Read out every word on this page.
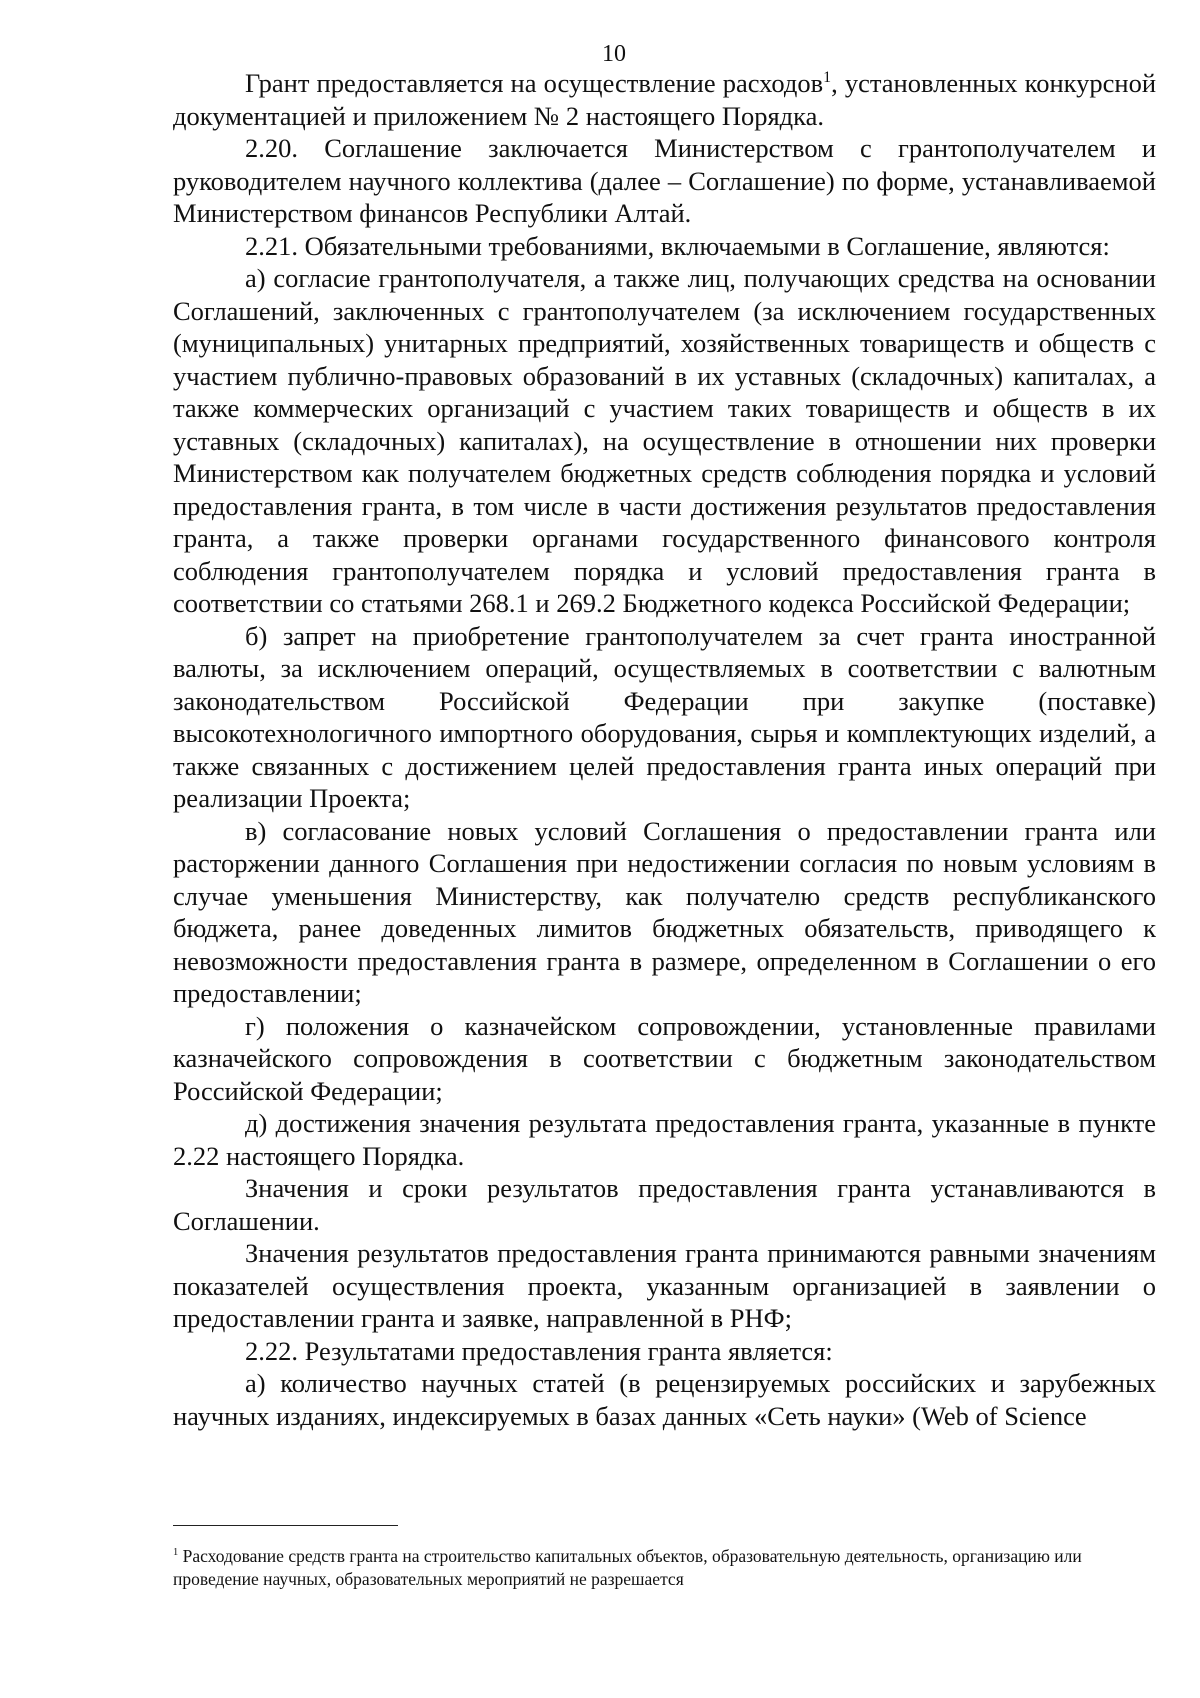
10

Грант предоставляется на осуществление расходов$^1$, установленных конкурсной документацией и приложением № 2 настоящего Порядка.

2.20. Соглашение заключается Министерством с грантополучателем и руководителем научного коллектива (далее – Соглашение) по форме, устанавливаемой Министерством финансов Республики Алтай.

2.21. Обязательными требованиями, включаемыми в Соглашение, являются:

а) согласие грантополучателя, а также лиц, получающих средства на основании Соглашений, заключенных с грантополучателем (за исключением государственных (муниципальных) унитарных предприятий, хозяйственных товариществ и обществ с участием публично-правовых образований в их уставных (складочных) капиталах, а также коммерческих организаций с участием таких товариществ и обществ в их уставных (складочных) капиталах), на осуществление в отношении них проверки Министерством как получателем бюджетных средств соблюдения порядка и условий предоставления гранта, в том числе в части достижения результатов предоставления гранта, а также проверки органами государственного финансового контроля соблюдения грантополучателем порядка и условий предоставления гранта в соответствии со статьями 268.1 и 269.2 Бюджетного кодекса Российской Федерации;

б) запрет на приобретение грантополучателем за счет гранта иностранной валюты, за исключением операций, осуществляемых в соответствии с валютным законодательством Российской Федерации при закупке (поставке) высокотехнологичного импортного оборудования, сырья и комплектующих изделий, а также связанных с достижением целей предоставления гранта иных операций при реализации Проекта;

в) согласование новых условий Соглашения о предоставлении гранта или расторжении данного Соглашения при недостижении согласия по новым условиям в случае уменьшения Министерству, как получателю средств республиканского бюджета, ранее доведенных лимитов бюджетных обязательств, приводящего к невозможности предоставления гранта в размере, определенном в Соглашении о его предоставлении;

г) положения о казначейском сопровождении, установленные правилами казначейского сопровождения в соответствии с бюджетным законодательством Российской Федерации;

д) достижения значения результата предоставления гранта, указанные в пункте 2.22 настоящего Порядка.

Значения и сроки результатов предоставления гранта устанавливаются в Соглашении.

Значения результатов предоставления гранта принимаются равными значениям показателей осуществления проекта, указанным организацией в заявлении о предоставлении гранта и заявке, направленной в РНФ;

2.22. Результатами предоставления гранта является:

а) количество научных статей (в рецензируемых российских и зарубежных научных изданиях, индексируемых в базах данных «Сеть науки» (Web of Science

$^1$ Расходование средств гранта на строительство капитальных объектов, образовательную деятельность, организацию или проведение научных, образовательных мероприятий не разрешается
